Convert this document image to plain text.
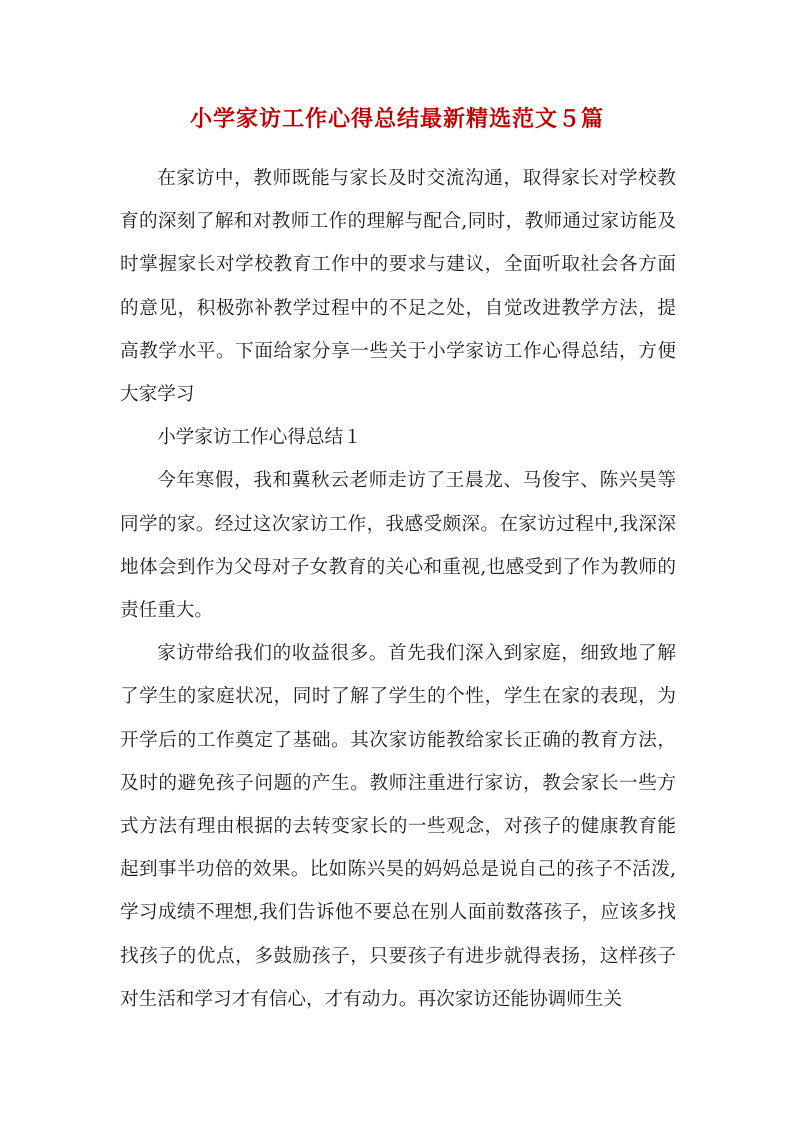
小学家访工作心得总结最新精选范文５篇

在家访中，教师既能与家长及时交流沟通，取得家长对学校教育的深刻了解和对教师工作的理解与配合,同时，教师通过家访能及时掌握家长对学校教育工作中的要求与建议，全面听取社会各方面的意见，积极弥补教学过程中的不足之处，自觉改进教学方法，提高教学水平。下面给家分享一些关于小学家访工作心得总结，方便大家学习

小学家访工作心得总结１

今年寒假，我和冀秋云老师走访了王晨龙、马俊宇、陈兴昊等同学的家。经过这次家访工作，我感受颇深。在家访过程中,我深深地体会到作为父母对子女教育的关心和重视,也感受到了作为教师的责任重大。

家访带给我们的收益很多。首先我们深入到家庭，细致地了解了学生的家庭状况，同时了解了学生的个性，学生在家的表现，为开学后的工作奠定了基础。其次家访能教给家长正确的教育方法，及时的避免孩子问题的产生。教师注重进行家访，教会家长一些方式方法有理由根据的去转变家长的一些观念，对孩子的健康教育能起到事半功倍的效果。比如陈兴昊的妈妈总是说自己的孩子不活泼,学习成绩不理想,我们告诉他不要总在别人面前数落孩子，应该多找找孩子的优点，多鼓励孩子，只要孩子有进步就得表扬，这样孩子对生活和学习才有信心，才有动力。再次家访还能协调师生关
